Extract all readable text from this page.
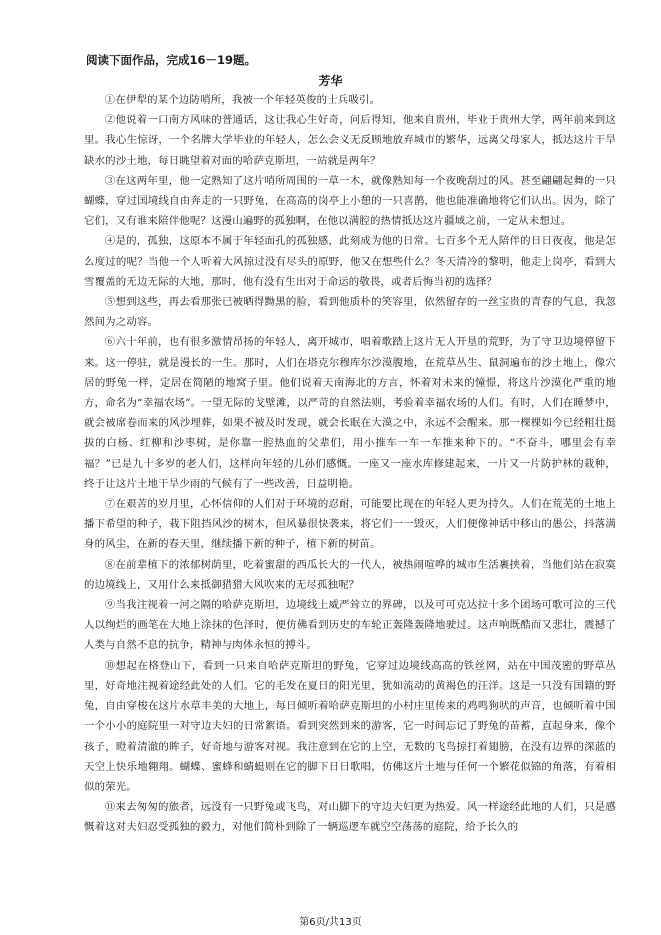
阅读下面作品，完成16－19题。
芳华

①在伊犁的某个边防哨所，我被一个年轻英俊的士兵吸引。

②他说着一口南方风味的普通话，这让我心生好奇，问后得知，他来自贵州，毕业于贵州大学，两年前来到这里。我心生惊讶，一个名牌大学毕业的年轻人，怎么会义无反顾地放弃城市的繁华，远离父母家人，抵达这片干旱缺水的沙土地，每日眺望着对面的哈萨克斯坦，一站就是两年？

③在这两年里，他一定熟知了这片哨所周围的一草一木，就像熟知每一个夜晚刮过的风。甚至翩翩起舞的一只蝴蝶，穿过国境线自由奔走的一只野兔，在高高的岗亭上小憩的一只喜鹊，他也能准确地将它们认出。因为，除了它们，又有谁来陪伴他呢？这漫山遍野的孤独啊，在他以满腔的热情抵达这片疆域之前，一定从未想过。

④是的，孤独，这原本不属于年轻面孔的孤独感，此刻成为他的日常。七百多个无人陪伴的日日夜夜，他是怎么度过的呢？当他一个人听着大风掠过没有尽头的原野，他又在想些什么？冬天清冷的黎明，他走上岗亭，看到大雪覆盖的无边无际的大地，那时，他有没有生出对于命运的敬畏，或者后悔当初的选择？

⑤想到这些，再去看那张已被晒得黝黑的脸，看到他质朴的笑容里，依然留存的一丝宝贵的青春的气息，我忽然间为之动容。

⑥六十年前，也有很多激情昂扬的年轻人，离开城市，唱着歌踏上这片无人开垦的荒野，为了守卫边境停留下来。这一停驻，就是漫长的一生。那时，人们在塔克尔穆库尔沙漠腹地，在荒草丛生、鼠洞遍布的沙土地上，像穴居的野兔一样，定居在简陋的地窝子里。他们说着天南海北的方言，怀着对未来的憧憬，将这片沙漠化严重的地方，命名为“幸福农场”。一望无际的戈壁滩，以严苛的自然法则，考验着幸福农场的人们。有时，人们在睡梦中，就会被席卷而来的风沙埋葬，如果不被及时发现，就会长眠在大漠之中，永远不会醒来。那一棵棵如今已经粗壮挺拔的白杨、红柳和沙枣树，是你靠一腔热血的父辈们，用小推车一车一车推来种下的。“不奋斗，哪里会有幸福？”已是九十多岁的老人们，这样向年轻的儿孙们感慨。一座又一座水库修建起来，一片又一片防护林的栽种，终于让这片土地干旱少雨的气候有了一些改善，日益明艳。

⑦在艰苦的岁月里，心怀信仰的人们对于环境的忍耐，可能要比现在的年轻人更为持久。人们在荒芜的土地上播下希望的种子，栽下阻挡风沙的树木，但风暴很快袭来，将它们一一毁灭，人们便像神话中移山的愚公，抖落满身的风尘，在新的春天里，继续播下新的种子，植下新的树苗。

⑧在前辈植下的浓郁树荫里，吃着蜜甜的西瓜长大的一代人，被热闹喧哗的城市生活裹挟着，当他们站在寂寞的边境线上，又用什么来抵御猎猎大风吹来的无尽孤独呢？

⑨当我注视着一河之隔的哈萨克斯坦，边境线上威严耸立的界碑，以及可可克达拉十多个团场可歌可泣的三代人以绚烂的画笔在大地上涂抹的色泽时，便仿佛看到历史的车轮正轰隆轰隆地驶过。这声响既酷而又悲壮，震撼了人类与自然不息的抗争，精神与肉体永恒的搏斗。

⑩想起在格登山下，看到一只来自哈萨克斯坦的野兔，它穿过边境线高高的铁丝网，站在中国茂密的野草丛里，好奇地注视着途经此处的人们。它的毛发在夏日的阳光里，犹如流动的黄褐色的汪洋。这是一只没有国籍的野兔，自由穿梭在这片水草丰美的大地上，每日倾听着哈萨克斯坦的小村庄里传来的鸡鸣狗吠的声音，也倾听着中国一个小小的庭院里一对守边夫妇的日常絮语。看到突然到来的游客，它一时间忘记了野兔的苗蓄，直起身来，像个孩子，瞪着清澈的眸子，好奇地与游客对视。我注意到在它的上空，无数的飞鸟掠打着翅膀，在没有边界的深蓝的天空上快乐地翱翔。蝴蝶、蜜蜂和蜻蜓则在它的脚下日日歌唱，仿佛这片土地与任何一个繁花似锦的角落，有着相似的荣光。

⑪来去匆匆的旅者，远没有一只野兔或飞鸟，对山脚下的守边夫妇更为热爱。风一样途经此地的人们，只是感慨着这对夫妇忍受孤独的毅力，对他们简朴到除了一辆巡逻车就空空荡荡的庭院，给予长久的

第6页/共13页
